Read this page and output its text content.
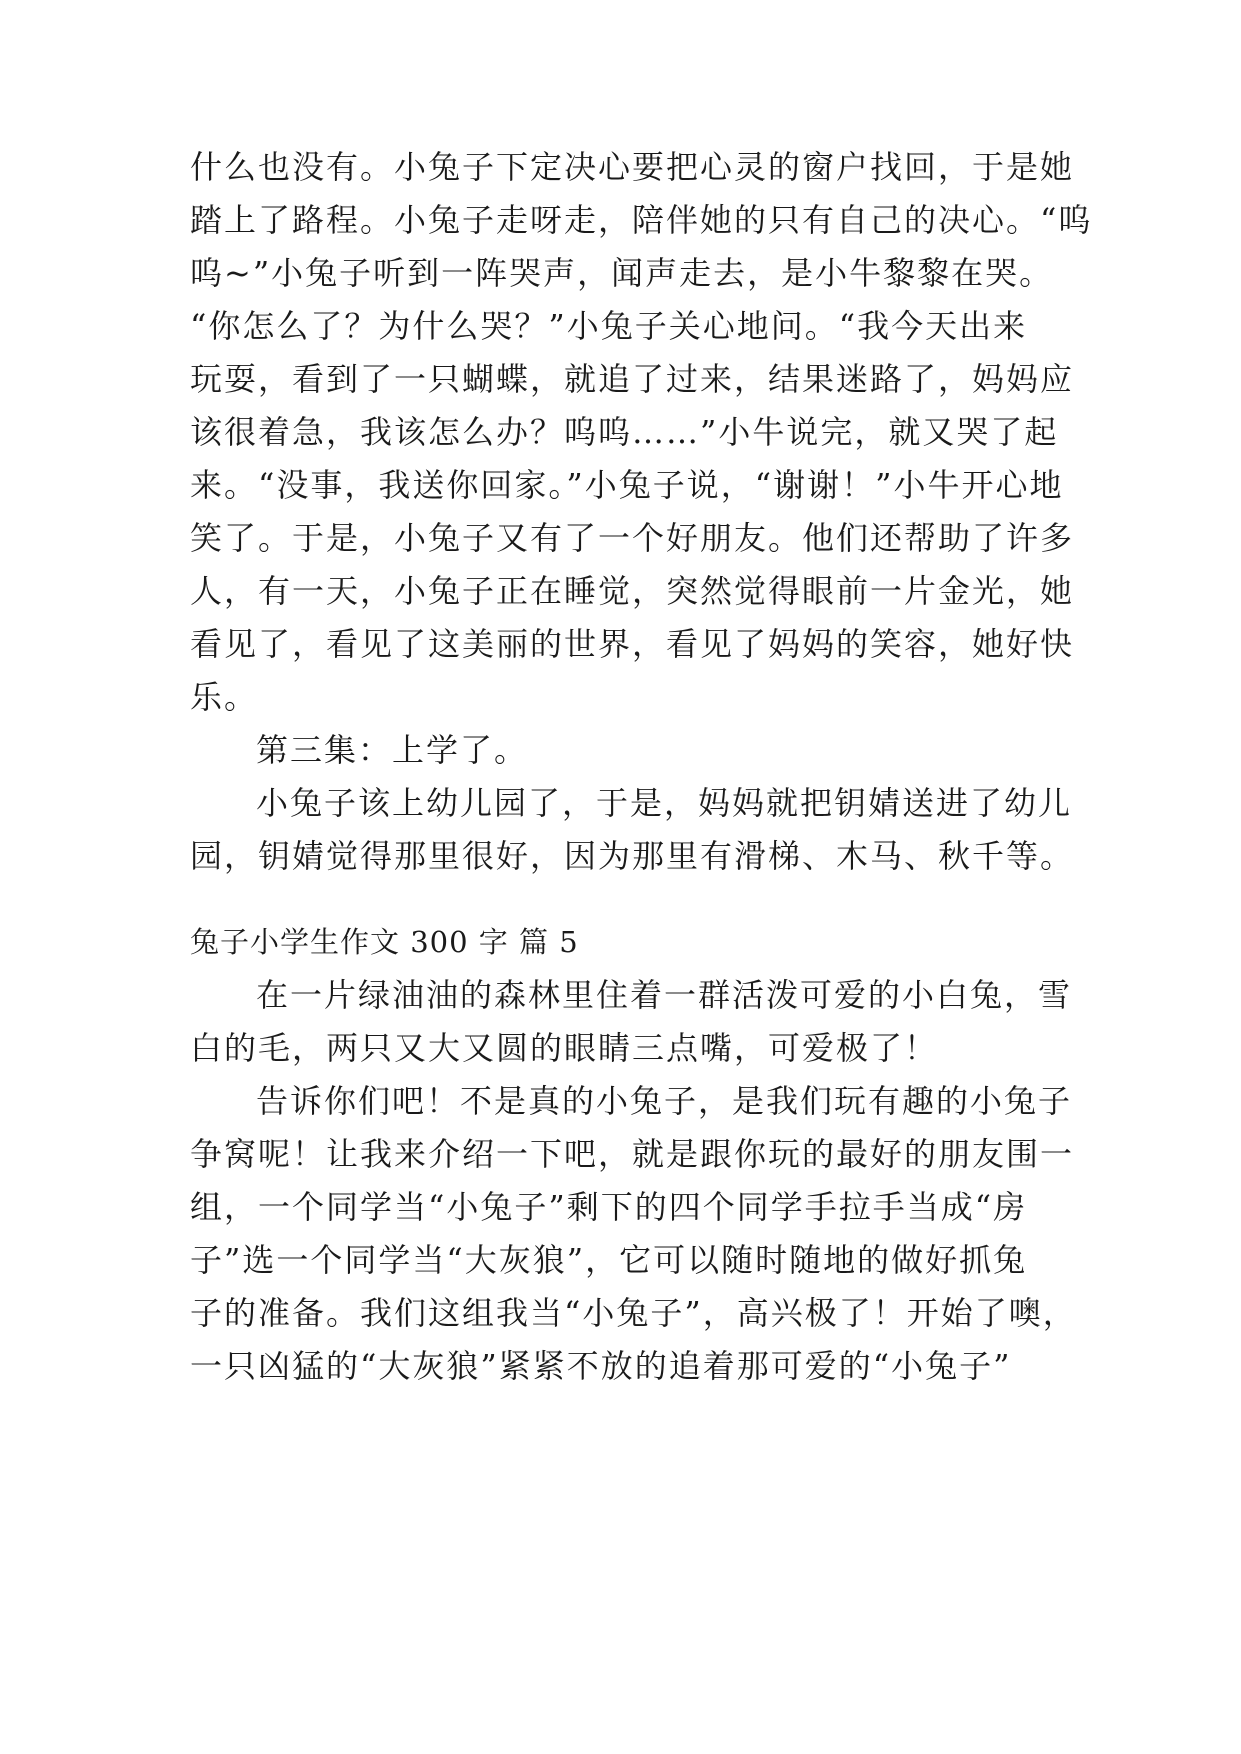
什么也没有。小兔子下定决心要把心灵的窗户找回，于是她
踏上了路程。小兔子走呀走，陪伴她的只有自己的决心。“呜
呜~”小兔子听到一阵哭声，闻声走去，是小牛黎黎在哭。
“你怎么了？为什么哭？”小兔子关心地问。“我今天出来
玩耍，看到了一只蝴蝶，就追了过来，结果迷路了，妈妈应
该很着急，我该怎么办？呜呜……”小牛说完，就又哭了起
来。“没事，我送你回家。”小兔子说，“谢谢！”小牛开心地
笑了。于是，小兔子又有了一个好朋友。他们还帮助了许多
人，有一天，小兔子正在睡觉，突然觉得眼前一片金光，她
看见了，看见了这美丽的世界，看见了妈妈的笑容，她好快
乐。
第三集：上学了。
小兔子该上幼儿园了，于是，妈妈就把钥婧送进了幼儿
园，钥婧觉得那里很好，因为那里有滑梯、木马、秋千等。
兔子小学生作文 300 字 篇 5
在一片绿油油的森林里住着一群活泼可爱的小白兔，雪
白的毛，两只又大又圆的眼睛三点嘴，可爱极了！
告诉你们吧！不是真的小兔子，是我们玩有趣的小兔子
争窝呢！让我来介绍一下吧，就是跟你玩的最好的朋友围一
组，一个同学当“小兔子”剩下的四个同学手拉手当成“房
子”选一个同学当“大灰狼”，它可以随时随地的做好抓兔
子的准备。我们这组我当“小兔子”，高兴极了！开始了噢，
一只凶猛的“大灰狼”紧紧不放的追着那可爱的“小兔子”
